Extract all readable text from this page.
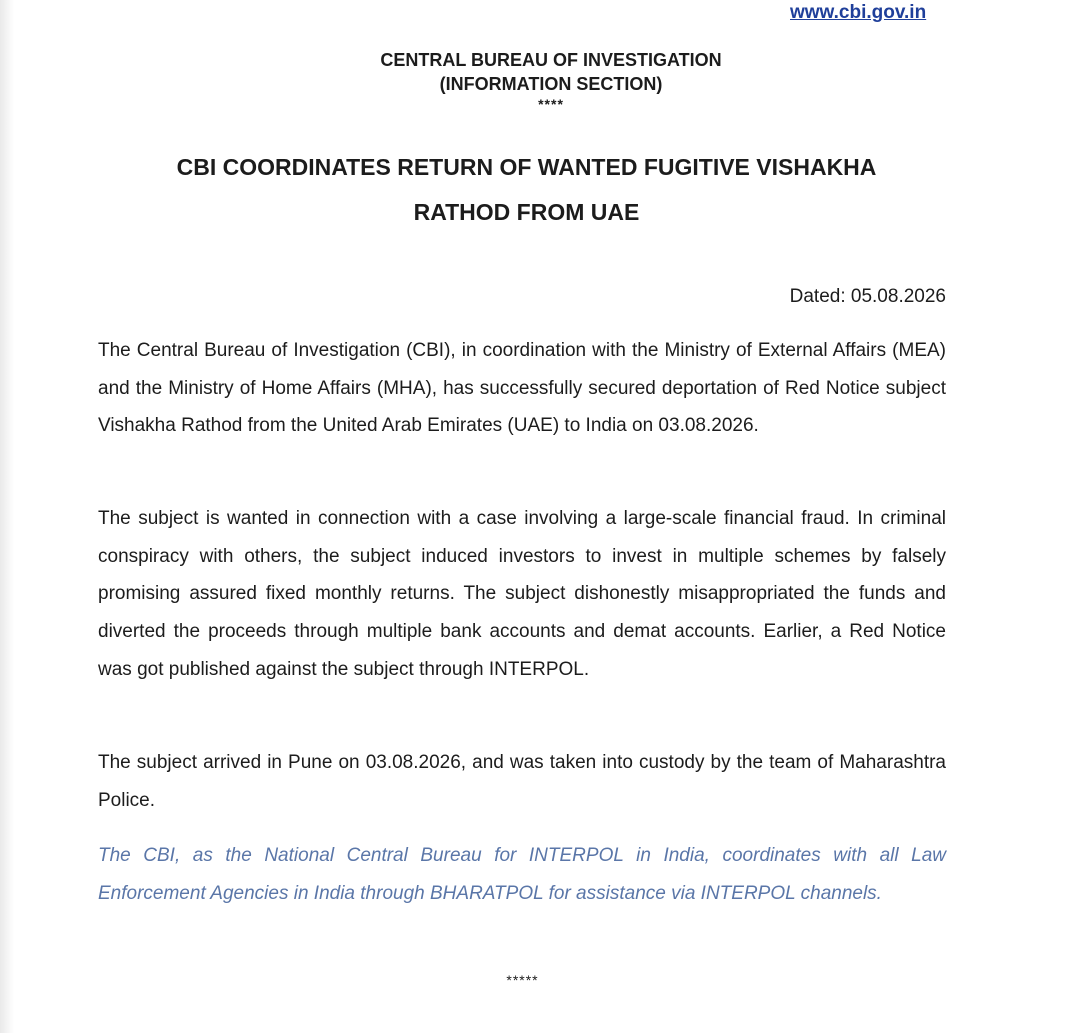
www.cbi.gov.in
CENTRAL BUREAU OF INVESTIGATION
(INFORMATION SECTION)
****
CBI COORDINATES RETURN OF WANTED FUGITIVE VISHAKHA RATHOD FROM UAE
Dated: 05.08.2026

The Central Bureau of Investigation (CBI), in coordination with the Ministry of External Affairs (MEA) and the Ministry of Home Affairs (MHA), has successfully secured deportation of Red Notice subject Vishakha Rathod from the United Arab Emirates (UAE) to India on 03.08.2026.

The subject is wanted in connection with a case involving a large-scale financial fraud. In criminal conspiracy with others, the subject induced investors to invest in multiple schemes by falsely promising assured fixed monthly returns. The subject dishonestly misappropriated the funds and diverted the proceeds through multiple bank accounts and demat accounts. Earlier, a Red Notice was got published against the subject through INTERPOL.

The subject arrived in Pune on 03.08.2026, and was taken into custody by the team of Maharashtra Police.

The CBI, as the National Central Bureau for INTERPOL in India, coordinates with all Law Enforcement Agencies in India through BHARATPOL for assistance via INTERPOL channels.

*****
